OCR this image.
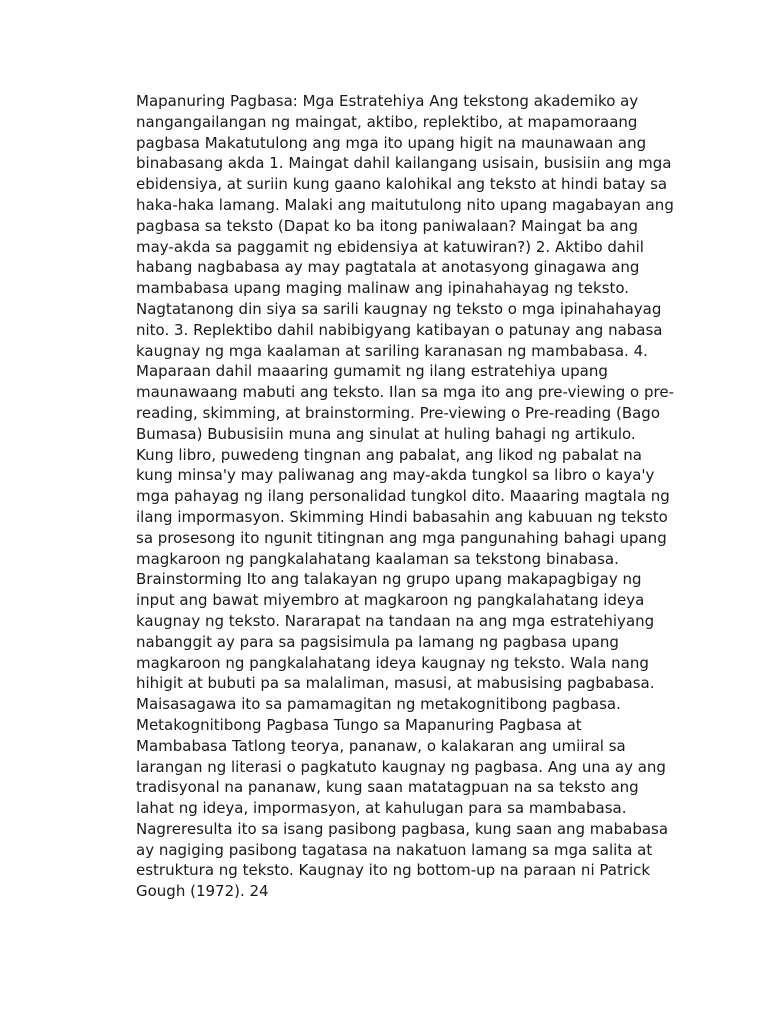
Mapanuring Pagbasa: Mga Estratehiya Ang tekstong akademiko ay
nangangailangan ng maingat, aktibo, replektibo, at mapamoraang
pagbasa Makatutulong ang mga ito upang higit na maunawaan ang
binabasang akda 1. Maingat dahil kailangang usisain, busisiin ang mga
ebidensiya, at suriin kung gaano kalohikal ang teksto at hindi batay sa
haka-haka lamang. Malaki ang maitutulong nito upang magabayan ang
pagbasa sa teksto (Dapat ko ba itong paniwalaan? Maingat ba ang
may-akda sa paggamit ng ebidensiya at katuwiran?) 2. Aktibo dahil
habang nagbabasa ay may pagtatala at anotasyong ginagawa ang
mambabasa upang maging malinaw ang ipinahahayag ng teksto.
Nagtatanong din siya sa sarili kaugnay ng teksto o mga ipinahahayag
nito. 3. Replektibo dahil nabibigyang katibayan o patunay ang nabasa
kaugnay ng mga kaalaman at sariling karanasan ng mambabasa. 4.
Maparaan dahil maaaring gumamit ng ilang estratehiya upang
maunawaang mabuti ang teksto. Ilan sa mga ito ang pre-viewing o pre-
reading, skimming, at brainstorming. Pre-viewing o Pre-reading (Bago
Bumasa) Bubusisiin muna ang sinulat at huling bahagi ng artikulo.
Kung libro, puwedeng tingnan ang pabalat, ang likod ng pabalat na
kung minsa'y may paliwanag ang may-akda tungkol sa libro o kaya'y
mga pahayag ng ilang personalidad tungkol dito. Maaaring magtala ng
ilang impormasyon. Skimming Hindi babasahin ang kabuuan ng teksto
sa prosesong ito ngunit titingnan ang mga pangunahing bahagi upang
magkaroon ng pangkalahatang kaalaman sa tekstong binabasa.
Brainstorming Ito ang talakayan ng grupo upang makapagbigay ng
input ang bawat miyembro at magkaroon ng pangkalahatang ideya
kaugnay ng teksto. Nararapat na tandaan na ang mga estratehiyang
nabanggit ay para sa pagsisimula pa lamang ng pagbasa upang
magkaroon ng pangkalahatang ideya kaugnay ng teksto. Wala nang
hihigit at bubuti pa sa malaliman, masusi, at mabusising pagbabasa.
Maisasagawa ito sa pamamagitan ng metakognitibong pagbasa.
Metakognitibong Pagbasa Tungo sa Mapanuring Pagbasa at
Mambabasa Tatlong teorya, pananaw, o kalakaran ang umiiral sa
larangan ng literasi o pagkatuto kaugnay ng pagbasa. Ang una ay ang
tradisyonal na pananaw, kung saan matatagpuan na sa teksto ang
lahat ng ideya, impormasyon, at kahulugan para sa mambabasa.
Nagreresulta ito sa isang pasibong pagbasa, kung saan ang mababasa
ay nagiging pasibong tagatasa na nakatuon lamang sa mga salita at
estruktura ng teksto. Kaugnay ito ng bottom-up na paraan ni Patrick
Gough (1972). 24
